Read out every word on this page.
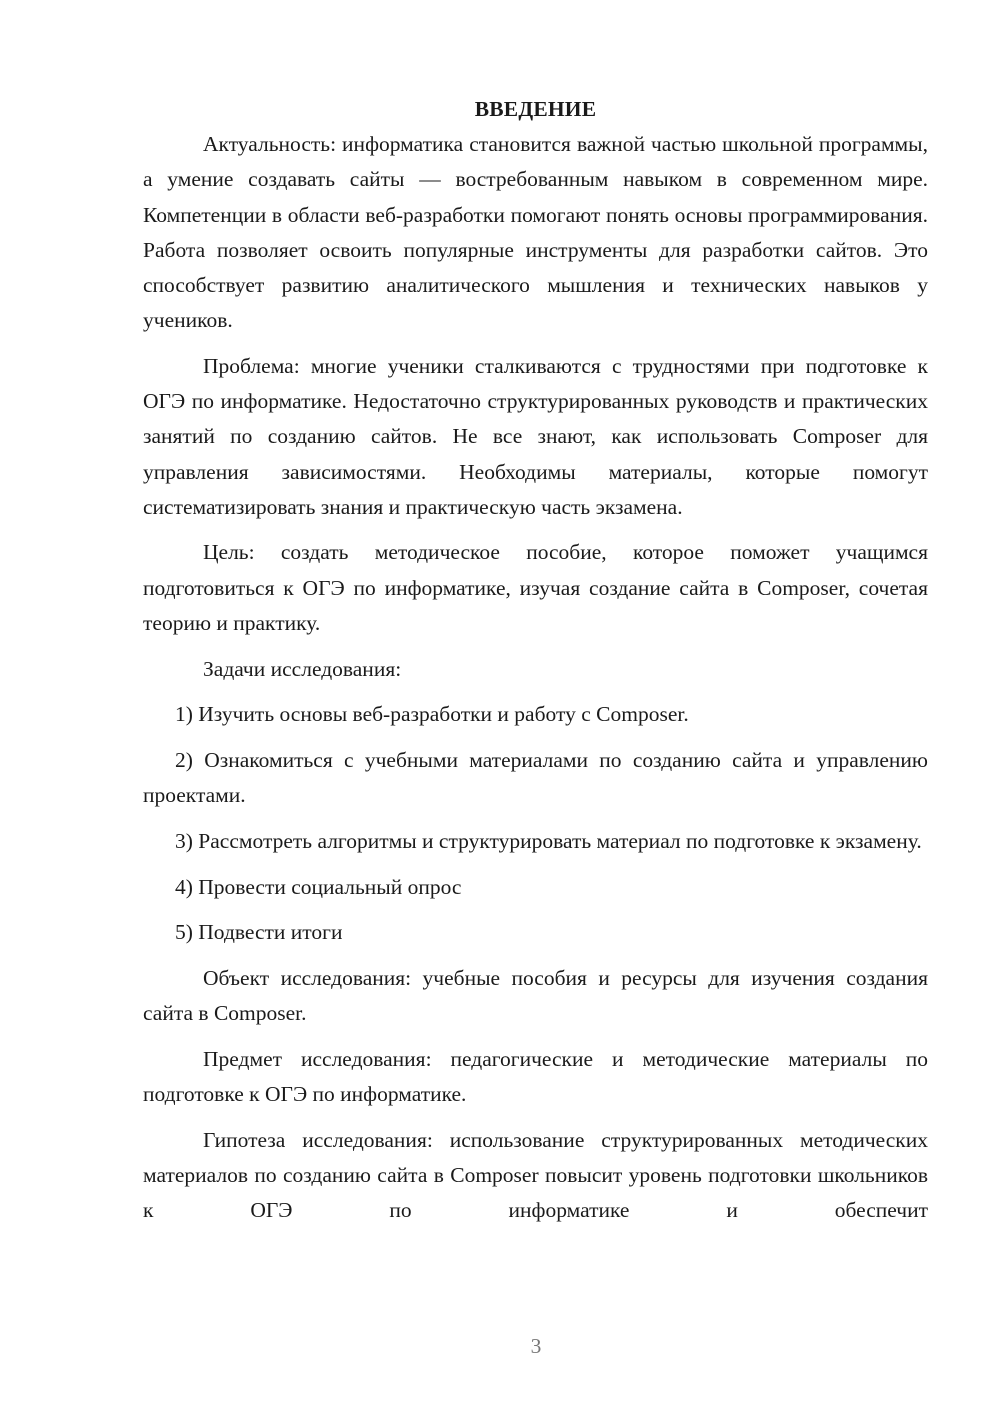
ВВЕДЕНИЕ

Актуальность: информатика становится важной частью школьной программы, а умение создавать сайты — востребованным навыком в современном мире. Компетенции в области веб-разработки помогают понять основы программирования. Работа позволяет освоить популярные инструменты для разработки сайтов. Это способствует развитию аналитического мышления и технических навыков у учеников.

Проблема: многие ученики сталкиваются с трудностями при подготовке к ОГЭ по информатике. Недостаточно структурированных руководств и практических занятий по созданию сайтов. Не все знают, как использовать Composer для управления зависимостями. Необходимы материалы, которые помогут систематизировать знания и практическую часть экзамена.

Цель: создать методическое пособие, которое поможет учащимся подготовиться к ОГЭ по информатике, изучая создание сайта в Composer, сочетая теорию и практику.

Задачи исследования:

1) Изучить основы веб-разработки и работу с Composer.

2) Ознакомиться с учебными материалами по созданию сайта и управлению проектами.

3) Рассмотреть алгоритмы и структурировать материал по подготовке к экзамену.

4) Провести социальный опрос

5) Подвести итоги

Объект исследования: учебные пособия и ресурсы для изучения создания сайта в Composer.

Предмет исследования: педагогические и методические материалы по подготовке к ОГЭ по информатике.

Гипотеза исследования: использование структурированных методических материалов по созданию сайта в Composer повысит уровень подготовки школьников к ОГЭ по информатике и обеспечит

3
